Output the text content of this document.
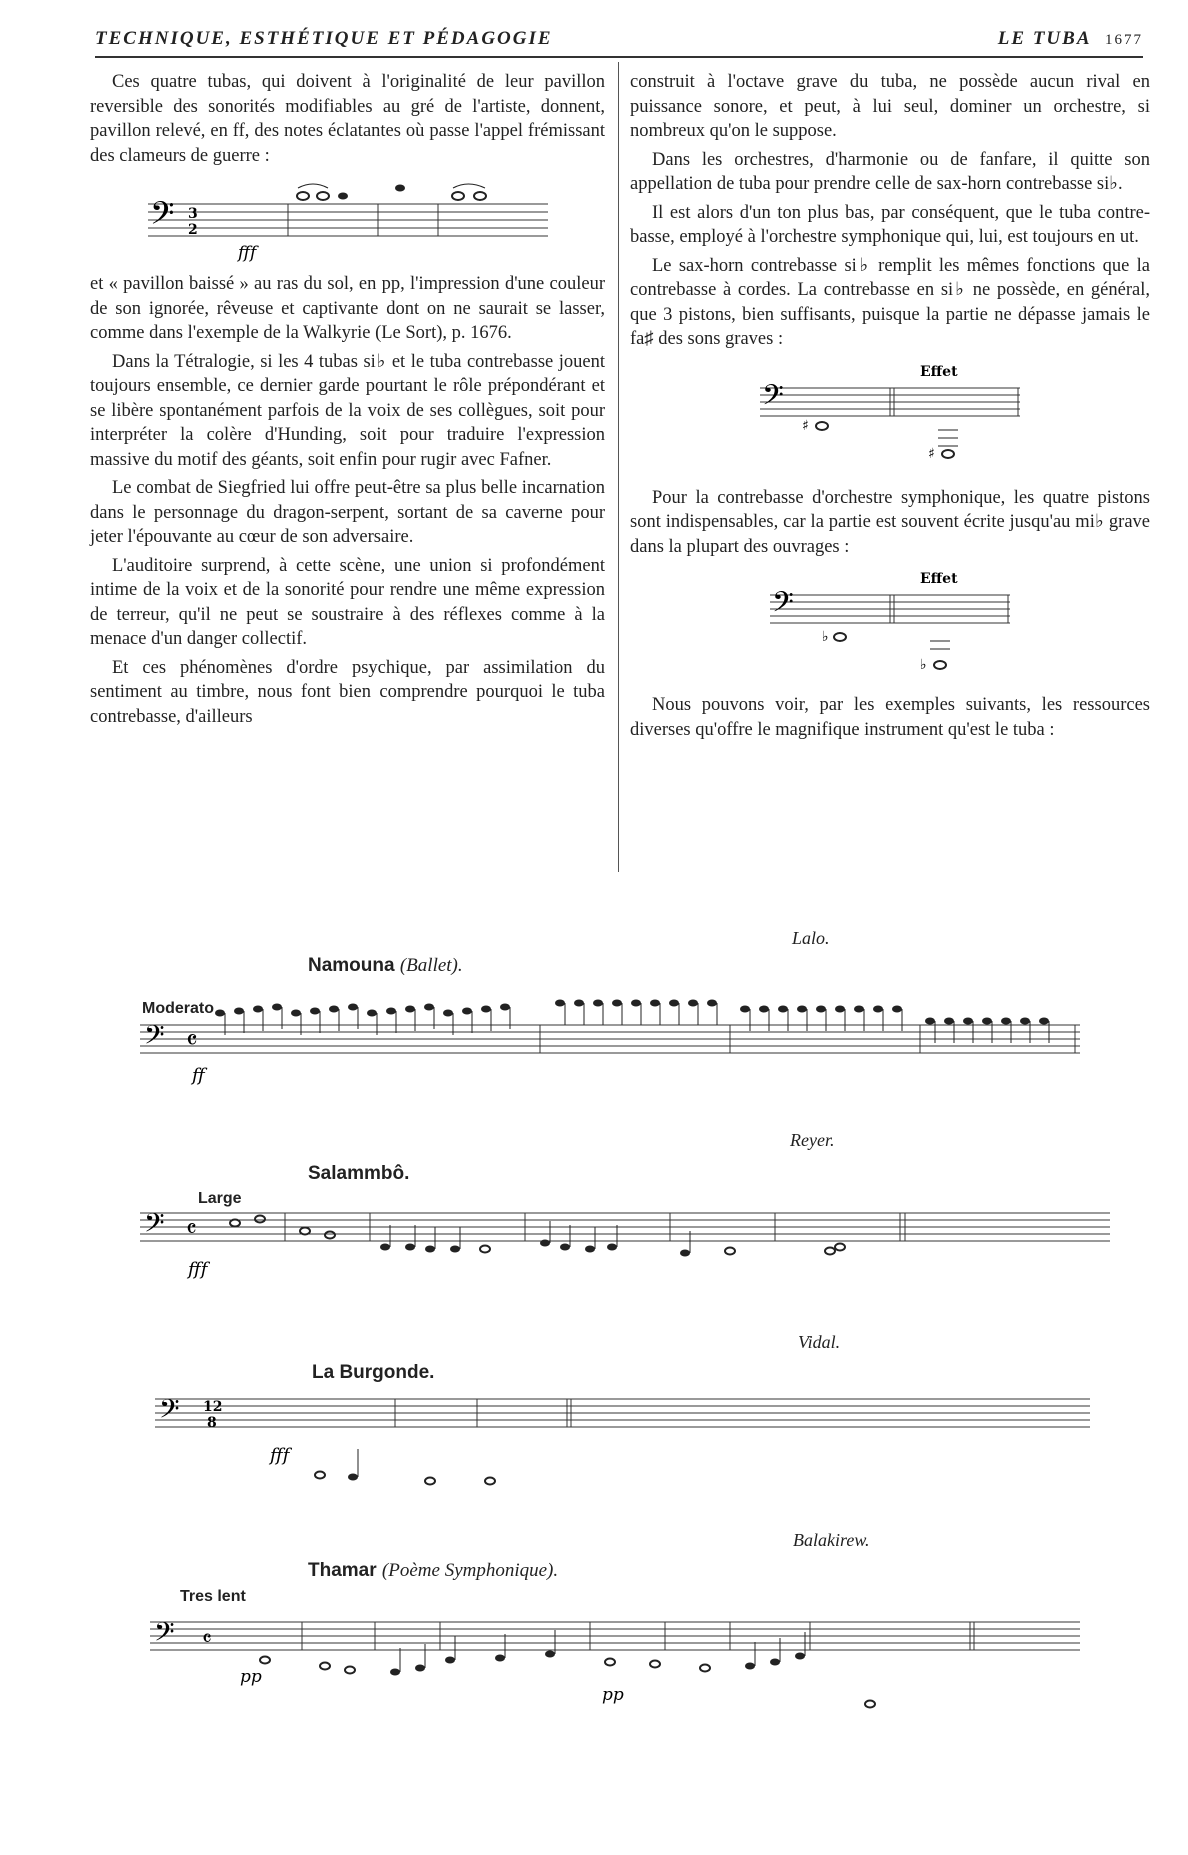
TECHNIQUE, ESTHÉTIQUE ET PÉDAGOGIE	LE TUBA 1677

Ces quatre tubas, qui doivent à l'originalité de leur pavillon reversible des sonorités modifiables au gré de l'artiste, donnent, pavillon relevé, en ff, des notes éclatantes où passe l'appel frémissant des clameurs de guerre :

𝄢 3
2
fff

et « pavillon baissé » au ras du sol, en pp, l'impression d'une couleur de son ignorée, rêveuse et captivante dont on ne saurait se lasser, comme dans l'exemple de la Walkyrie (Le Sort), p. 1676.

Dans la Tétralogie, si les 4 tubas si♭ et le tuba contrebasse jouent toujours ensemble, ce dernier garde pourtant le rôle prépondérant et se libère spontanément parfois de la voix de ses collègues, soit pour interpréter la colère d'Hunding, soit pour traduire l'expression massive du motif des géants, soit enfin pour rugir avec Fafner.

Le combat de Siegfried lui offre peut-être sa plus belle incarnation dans le personnage du dragon-serpent, sortant de sa caverne pour jeter l'épouvante au cœur de son adversaire.

L'auditoire surprend, à cette scène, une union si profondément intime de la voix et de la sonorité pour rendre une même expression de terreur, qu'il ne peut se soustraire à des réflexes comme à la menace d'un danger collectif.

Et ces phénomènes d'ordre psychique, par assimilation du sentiment au timbre, nous font bien comprendre pourquoi le tuba contrebasse, d'ailleurs

construit à l'octave grave du tuba, ne possède aucun rival en puissance sonore, et peut, à lui seul, dominer un orchestre, si nombreux qu'on le suppose.

Dans les orchestres, d'harmonie ou de fanfare, il quitte son appellation de tuba pour prendre celle de sax-horn contrebasse si♭.

Il est alors d'un ton plus bas, par conséquent, que le tuba contre-basse, employé à l'orchestre symphonique qui, lui, est toujours en ut.

Le sax-horn contrebasse si♭ remplit les mêmes fonctions que la contrebasse à cordes. La contrebasse en si♭ ne possède, en général, que 3 pistons, bien suffisants, puisque la partie ne dépasse jamais le fa♯ des sons graves :

Effet
𝄢
♯
♯

Pour la contrebasse d'orchestre symphonique, les quatre pistons sont indispensables, car la partie est souvent écrite jusqu'au mi♭ grave dans la plupart des ouvrages :

Effet
𝄢
♭
♭

Nous pouvons voir, par les exemples suivants, les ressources diverses qu'offre le magnifique instrument qu'est le tuba :

Lalo.
Namouna (Ballet).
Moderato
𝄢 𝄴
ff
Reyer.
Salammbô.
Large
𝄢 𝄴
fff
Vidal.
La Burgonde.
𝄢 12
8
fff
Balakirew.
Thamar (Poème Symphonique).
Tres lent
𝄢 𝄴
pp
pp
